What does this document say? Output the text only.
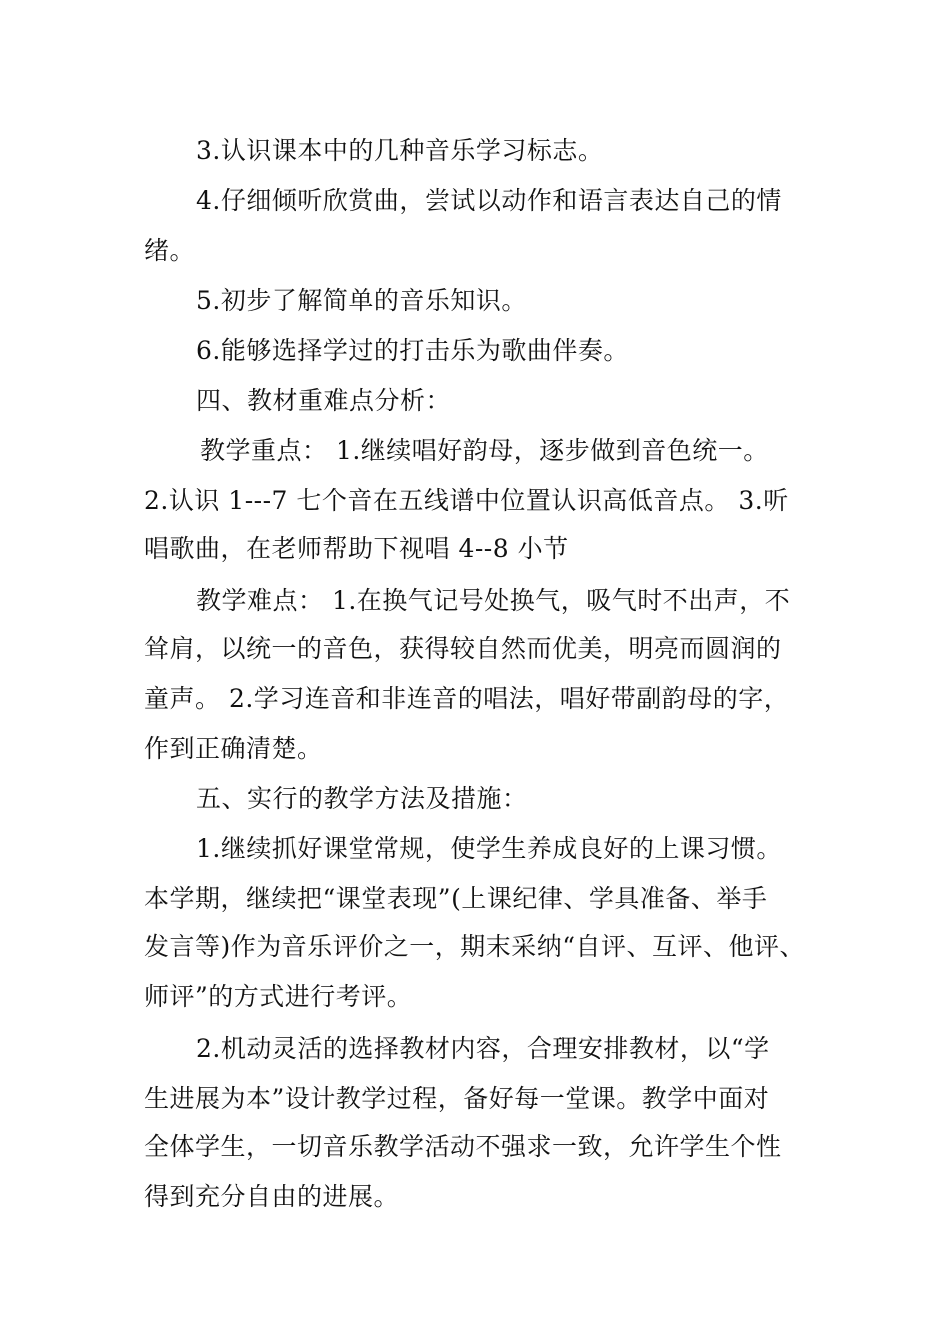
3.认识课本中的几种音乐学习标志。
4.仔细倾听欣赏曲，尝试以动作和语言表达自己的情
绪。
5.初步了解简单的音乐知识。
6.能够选择学过的打击乐为歌曲伴奏。
四、教材重难点分析：
教学重点： 1.继续唱好韵母，逐步做到音色统一。
2.认识 1---7 七个音在五线谱中位置认识高低音点。 3.听
唱歌曲，在老师帮助下视唱 4--8 小节
教学难点： 1.在换气记号处换气，吸气时不出声，不
耸肩，以统一的音色，获得较自然而优美，明亮而圆润的
童声。 2.学习连音和非连音的唱法，唱好带副韵母的字，
作到正确清楚。
五、实行的教学方法及措施：
1.继续抓好课堂常规，使学生养成良好的上课习惯。
本学期，继续把“课堂表现”(上课纪律、学具准备、举手
发言等)作为音乐评价之一，期末采纳“自评、互评、他评、
师评”的方式进行考评。
2.机动灵活的选择教材内容，合理安排教材，以“学
生进展为本”设计教学过程，备好每一堂课。教学中面对
全体学生，一切音乐教学活动不强求一致，允许学生个性
得到充分自由的进展。
